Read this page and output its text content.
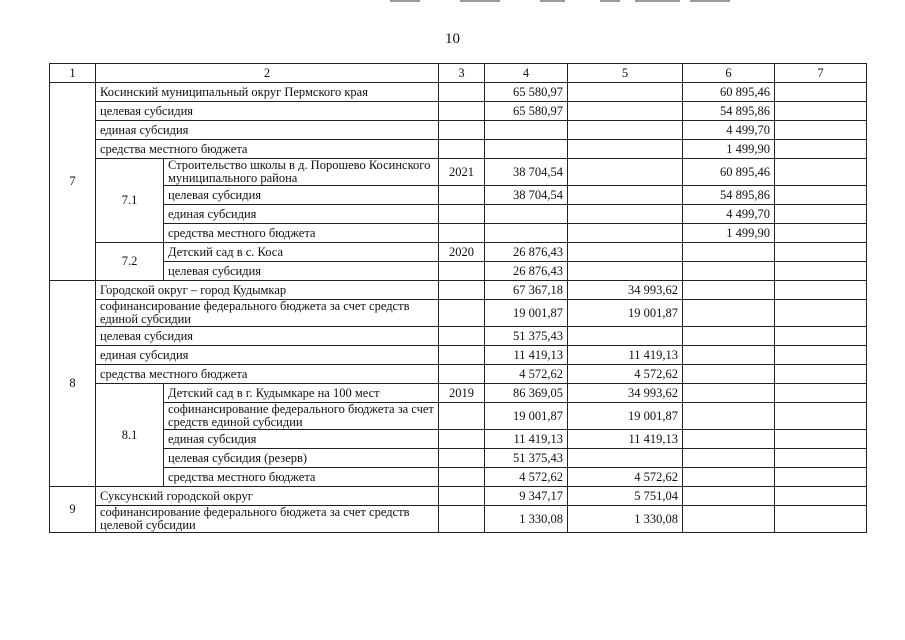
10
1	2		3	4	5	6	7
7	Косинский муниципальный округ Пермского края			65 580,97		60 895,46	
	целевая субсидия			65 580,97		54 895,86	
	единая субсидия					4 499,70	
	средства местного бюджета					1 499,90	
	7.1	Строительство школы в д. Порошево Косинского муниципального района	2021	38 704,54		60 895,46	
		целевая субсидия		38 704,54		54 895,86	
		единая субсидия				4 499,70	
		средства местного бюджета				1 499,90	
	7.2	Детский сад в с. Коса	2020	26 876,43			
		целевая субсидия		26 876,43			
8	Городской округ – город Кудымкар			67 367,18	34 993,62		
	софинансирование федерального бюджета за счет средств единой субсидии			19 001,87	19 001,87		
	целевая субсидия			51 375,43			
	единая субсидия			11 419,13	11 419,13		
	средства местного бюджета			4 572,62	4 572,62		
	8.1	Детский сад в г. Кудымкаре на 100 мест	2019	86 369,05	34 993,62		
		софинансирование федерального бюджета за счет средств единой субсидии		19 001,87	19 001,87		
		единая субсидия		11 419,13	11 419,13		
		целевая субсидия (резерв)		51 375,43			
		средства местного бюджета		4 572,62	4 572,62		
9	Суксунский городской округ			9 347,17	5 751,04		
	софинансирование федерального бюджета за счет средств целевой субсидии			1 330,08	1 330,08		
